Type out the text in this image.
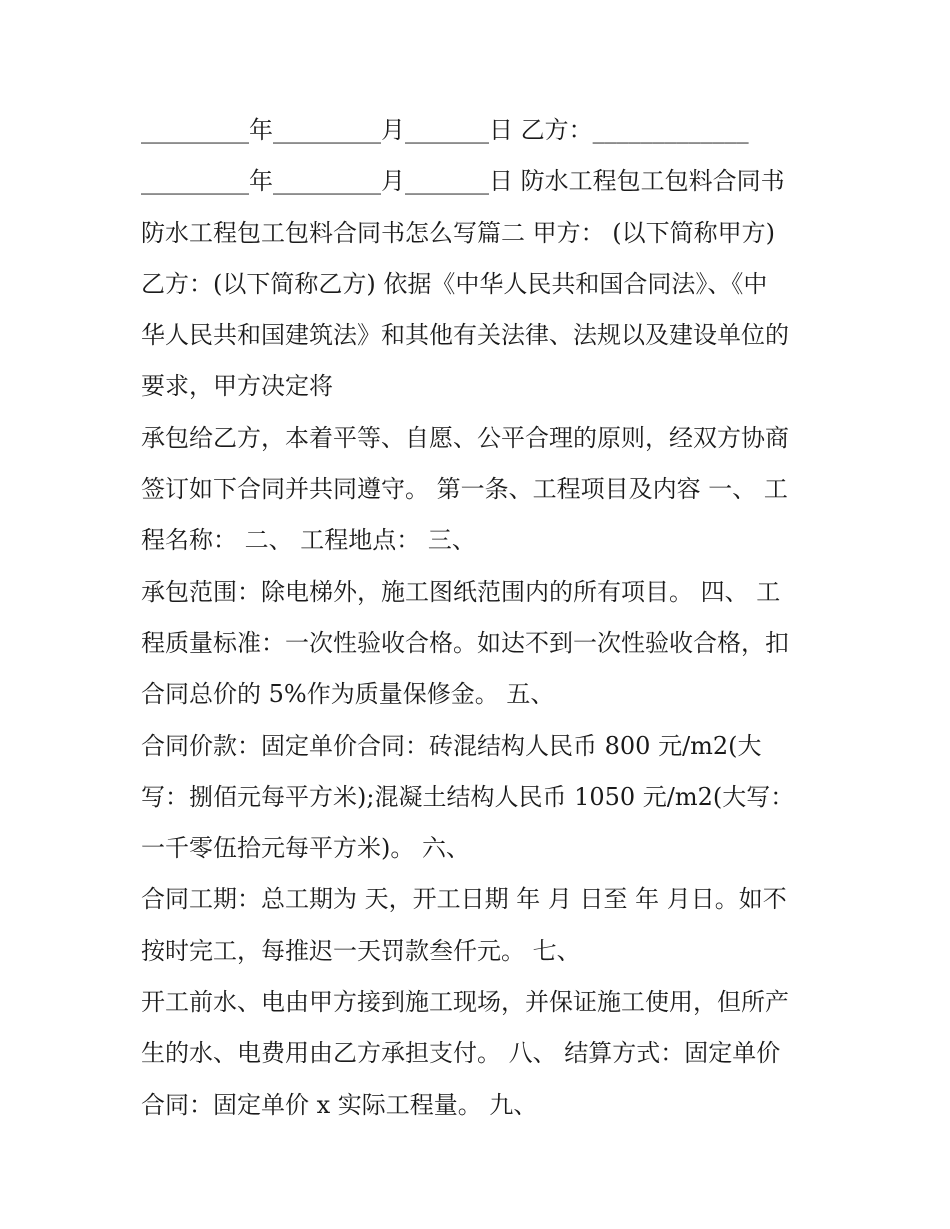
_________年_________月_______日 乙方：_____________
_________年_________月_______日 防水工程包工包料合同书
防水工程包工包料合同书怎么写篇二 甲方： (以下简称甲方)
乙方：(以下简称乙方) 依据《中华人民共和国合同法》、《中
华人民共和国建筑法》和其他有关法律、法规以及建设单位的
要求，甲方决定将
承包给乙方，本着平等、自愿、公平合理的原则，经双方协商
签订如下合同并共同遵守。 第一条、工程项目及内容 一、 工
程名称： 二、 工程地点： 三、
承包范围：除电梯外，施工图纸范围内的所有项目。 四、 工
程质量标准：一次性验收合格。如达不到一次性验收合格，扣
合同总价的 5%作为质量保修金。 五、
合同价款：固定单价合同：砖混结构人民币 800 元/m2(大
写：捌佰元每平方米);混凝土结构人民币 1050 元/m2(大写：
一千零伍拾元每平方米)。 六、
合同工期：总工期为 天，开工日期 年 月 日至 年 月日。如不
按时完工，每推迟一天罚款叁仟元。 七、
开工前水、电由甲方接到施工现场，并保证施工使用，但所产
生的水、电费用由乙方承担支付。 八、 结算方式：固定单价
合同：固定单价 x 实际工程量。 九、
